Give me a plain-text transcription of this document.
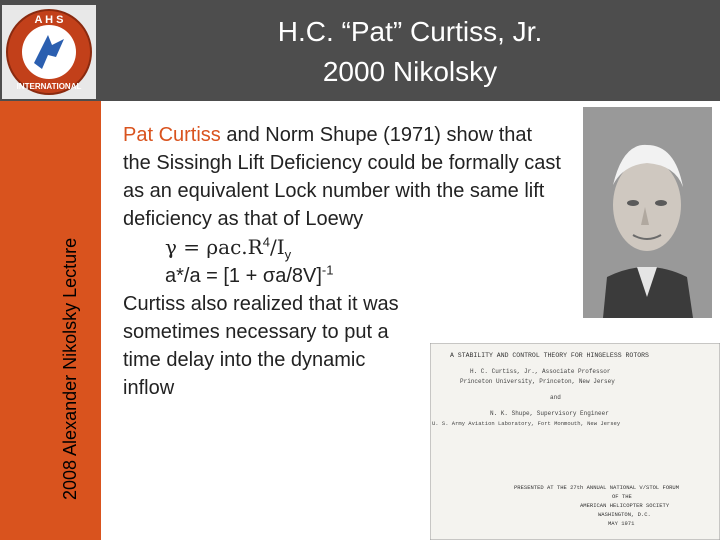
A H S
INTERNATIONAL
H.C. “Pat” Curtiss, Jr.
2000 Nikolsky
2008 Alexander Nikolsky Lecture

Pat Curtiss and Norm Shupe (1971) show that the Sissingh Lift Deficiency could be formally cast as an equivalent Lock number with the same lift deficiency as that of Loewy

$\gamma = \rho ac.R^4/I_y$

$a*/a = [1 + \sigma a/8V]^{-1}$

Curtiss also realized that it was sometimes necessary to put a time delay into the dynamic inflow

A STABILITY AND CONTROL THEORY FOR HINGELESS ROTORS
H. C. Curtiss, Jr., Associate Professor
Princeton University, Princeton, New Jersey
and
N. K. Shupe, Supervisory Engineer
U. S. Army Aviation Laboratory, Fort Monmouth, New Jersey
PRESENTED AT THE 27th ANNUAL NATIONAL V/STOL FORUM
OF THE
AMERICAN HELICOPTER SOCIETY
WASHINGTON, D.C.
MAY 1971
